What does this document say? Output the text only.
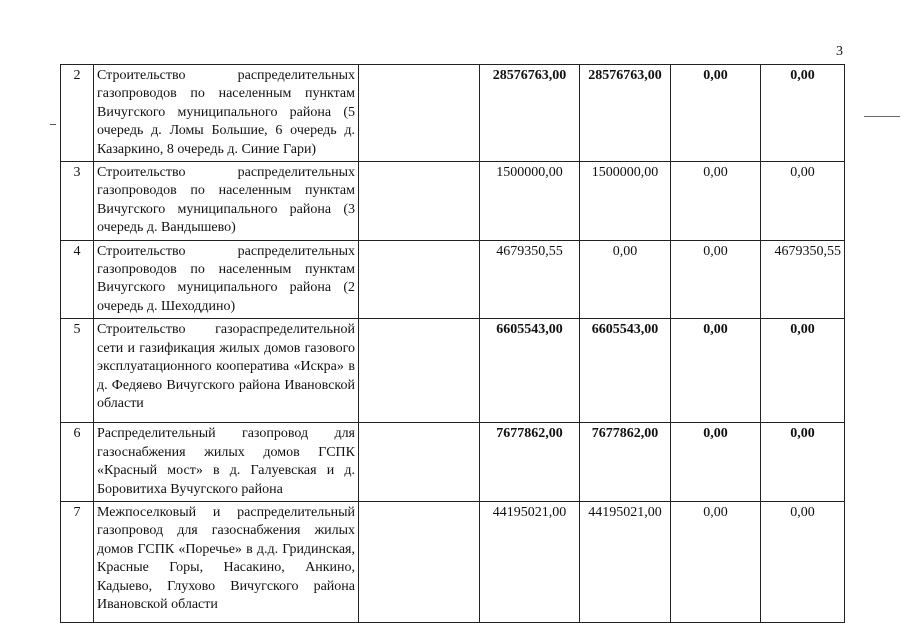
3
2	Строительство распределительных газопроводов по населенным пунктам Вичугского муниципального района (5 очередь д. Ломы Большие, 6 очередь д. Казаркино, 8 очередь д. Синие Гари)		28576763,00	28576763,00	0,00	0,00
3	Строительство распределительных газопроводов по населенным пунктам Вичугского муниципального района (3 очередь д. Вандышево)		1500000,00	1500000,00	0,00	0,00
4	Строительство распределительных газопроводов по населенным пунктам Вичугского муниципального района (2 очередь д. Шеходдино)		4679350,55	0,00	0,00	4679350,55
5	Строительство газораспределительной сети и газификация жилых домов газового эксплуатационного кооператива «Искра» в д. Федяево Вичугского района Ивановской области		6605543,00	6605543,00	0,00	0,00
6	Распределительный газопровод для газоснабжения жилых домов ГСПК «Красный мост» в д. Галуевская и д. Боровитиха Вучугского района		7677862,00	7677862,00	0,00	0,00
7	Межпоселковый и распределительный газопровод для газоснабжения жилых домов ГСПК «Поречье» в д.д. Гридинская, Красные Горы, Насакино, Анкино, Кадыево, Глухово Вичугского района Ивановской области		44195021,00	44195021,00	0,00	0,00
